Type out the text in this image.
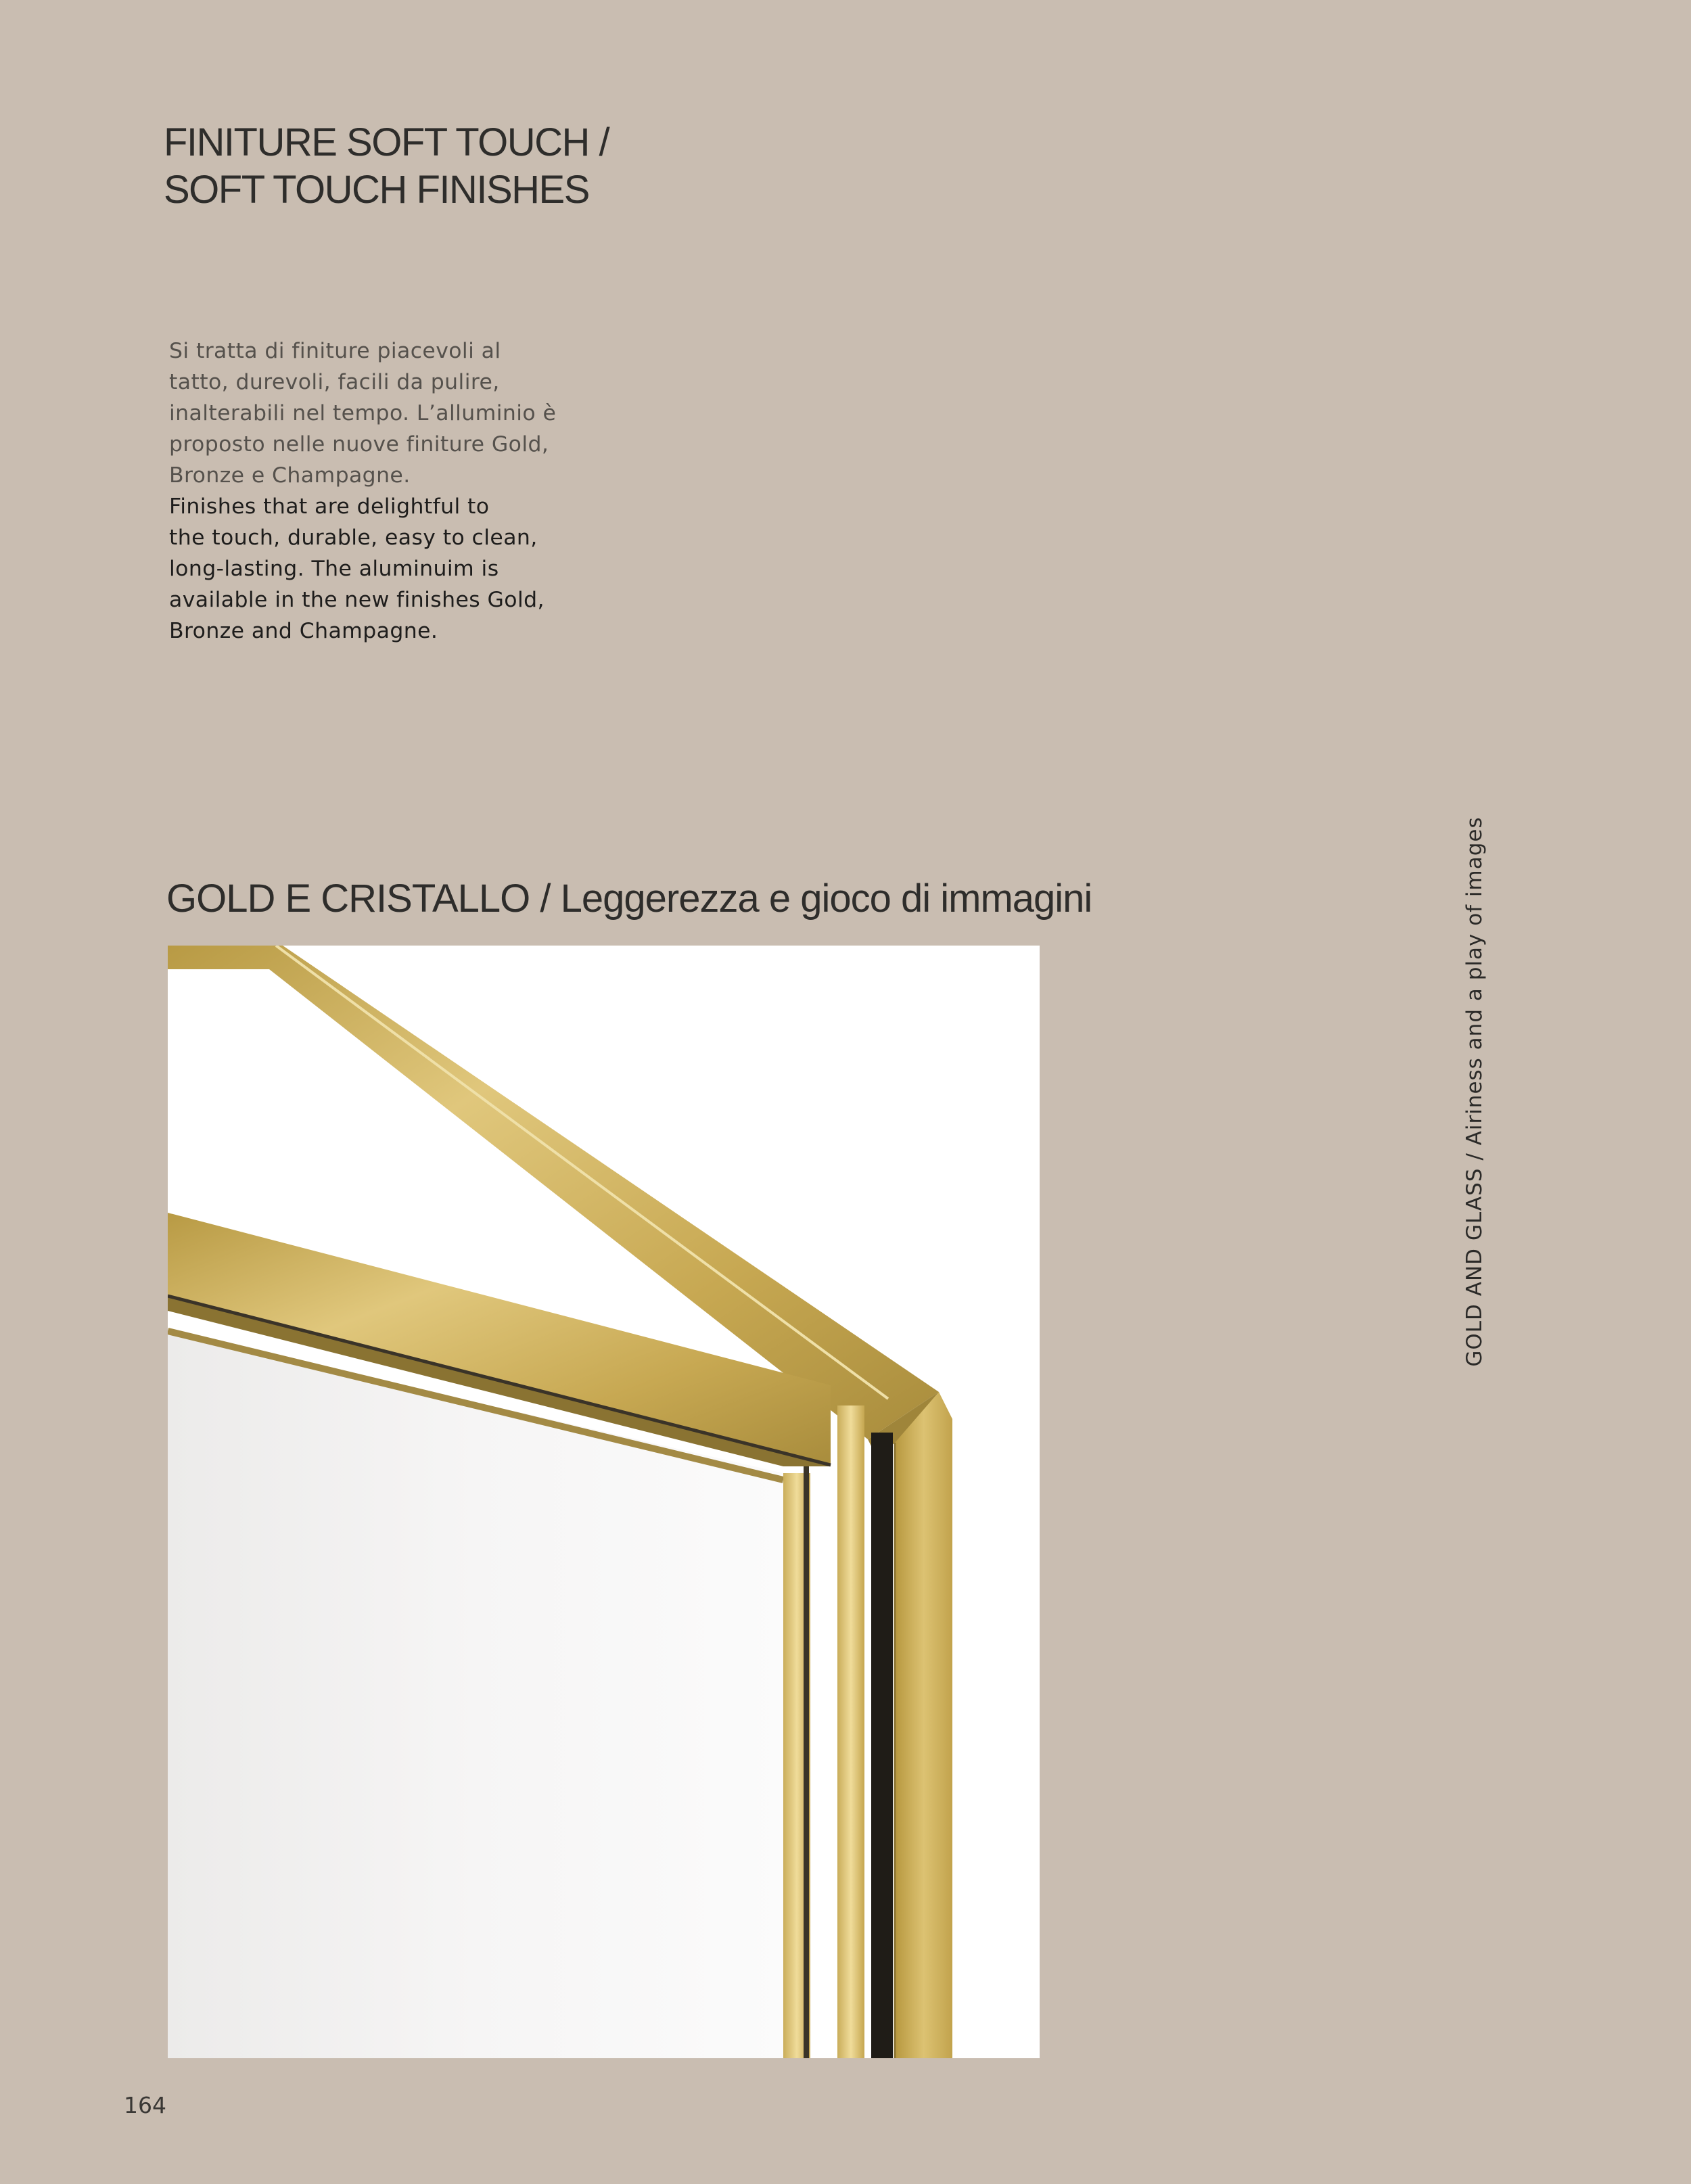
FINITURE SOFT TOUCH /
SOFT TOUCH FINISHES

Si tratta di finiture piacevoli al
tatto, durevoli, facili da pulire,
inalterabili nel tempo. L’alluminio è
proposto nelle nuove finiture Gold,
Bronze e Champagne.

Finishes that are delightful to
the touch, durable, easy to clean,
long-lasting. The aluminuim is
available in the new finishes Gold,
Bronze and Champagne.

GOLD E CRISTALLO / Leggerezza e gioco di immagini	GOLD AND GLASS / Airiness and a play of images
164
